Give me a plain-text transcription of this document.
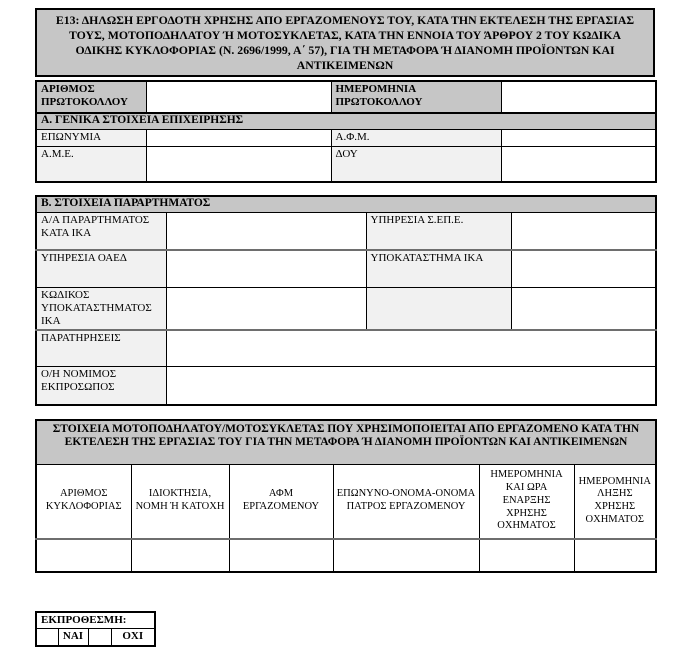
Ε13: ΔΗΛΩΣΗ ΕΡΓΟΔΟΤΗ ΧΡΗΣΗΣ ΑΠΟ ΕΡΓΑΖΟΜΕΝΟΥΣ ΤΟΥ, ΚΑΤΑ ΤΗΝ ΕΚΤΕΛΕΣΗ ΤΗΣ ΕΡΓΑΣΙΑΣ ΤΟΥΣ, ΜΟΤΟΠΟΔΗΛΑΤΟΥ Ή ΜΟΤΟΣΥΚΛΕΤΑΣ, ΚΑΤΑ ΤΗΝ ΕΝΝΟΙΑ ΤΟΥ ΆΡΘΡΟΥ 2 ΤΟΥ ΚΩΔΙΚΑ ΟΔΙΚΗΣ ΚΥΚΛΟΦΟΡΙΑΣ (Ν. 2696/1999, Α΄ 57), ΓΙΑ ΤΗ ΜΕΤΑΦΟΡΑ Ή ΔΙΑΝΟΜΗ ΠΡΟΪΟΝΤΩΝ ΚΑΙ ΑΝΤΙΚΕΙΜΕΝΩΝ
ΑΡΙΘΜΟΣ ΠΡΩΤΟΚΟΛΛΟΥ		ΗΜΕΡΟΜΗΝΙΑ ΠΡΩΤΟΚΟΛΛΟΥ	
Α. ΓΕΝΙΚΑ ΣΤΟΙΧΕΙΑ ΕΠΙΧΕΙΡΗΣΗΣ			
ΕΠΩΝΥΜΙΑ		Α.Φ.Μ.	
Α.Μ.Ε.		ΔΟΥ	
Β. ΣΤΟΙΧΕΙΑ ΠΑΡΑΡΤΗΜΑΤΟΣ			
Α/Α ΠΑΡΑΡΤΗΜΑΤΟΣ ΚΑΤΑ ΙΚΑ		ΥΠΗΡΕΣΙΑ Σ.ΕΠ.Ε.	
ΥΠΗΡΕΣΙΑ ΟΑΕΔ		ΥΠΟΚΑΤΑΣΤΗΜΑ ΙΚΑ	
ΚΩΔΙΚΟΣ ΥΠΟΚΑΤΑΣΤΗΜΑΤΟΣ ΙΚΑ			
ΠΑΡΑΤΗΡΗΣΕΙΣ			
Ο/Η ΝΟΜΙΜΟΣ ΕΚΠΡΟΣΩΠΟΣ			
ΣΤΟΙΧΕΙΑ ΜΟΤΟΠΟΔΗΛΑΤΟΥ/ΜΟΤΟΣΥΚΛΕΤΑΣ ΠΟΥ ΧΡΗΣΙΜΟΠΟΙΕΙΤΑΙ ΑΠΟ ΕΡΓΑΖΟΜΕΝΟ ΚΑΤΑ ΤΗΝ ΕΚΤΕΛΕΣΗ ΤΗΣ ΕΡΓΑΣΙΑΣ ΤΟΥ ΓΙΑ ΤΗΝ ΜΕΤΑΦΟΡΑ Ή ΔΙΑΝΟΜΗ ΠΡΟΪΟΝΤΩΝ ΚΑΙ ΑΝΤΙΚΕΙΜΕΝΩΝ					
ΑΡΙΘΜΟΣ ΚΥΚΛΟΦΟΡΙΑΣ	ΙΔΙΟΚΤΗΣΙΑ, ΝΟΜΗ Ή ΚΑΤΟΧΗ	ΑΦΜ ΕΡΓΑΖΟΜΕΝΟΥ	ΕΠΩΝΥΝΟ-ΟΝΟΜΑ-ΟΝΟΜΑ ΠΑΤΡΟΣ ΕΡΓΑΖΟΜΕΝΟΥ	ΗΜΕΡΟΜΗΝΙΑ ΚΑΙ ΩΡΑ ΕΝΑΡΞΗΣ ΧΡΗΣΗΣ ΟΧΗΜΑΤΟΣ	ΗΜΕΡΟΜΗΝΙΑ ΛΗΞΗΣ ΧΡΗΣΗΣ ΟΧΗΜΑΤΟΣ

ΕΚΠΡΟΘΕΣΜΗ:
	ΝΑΙ		ΟΧΙ
